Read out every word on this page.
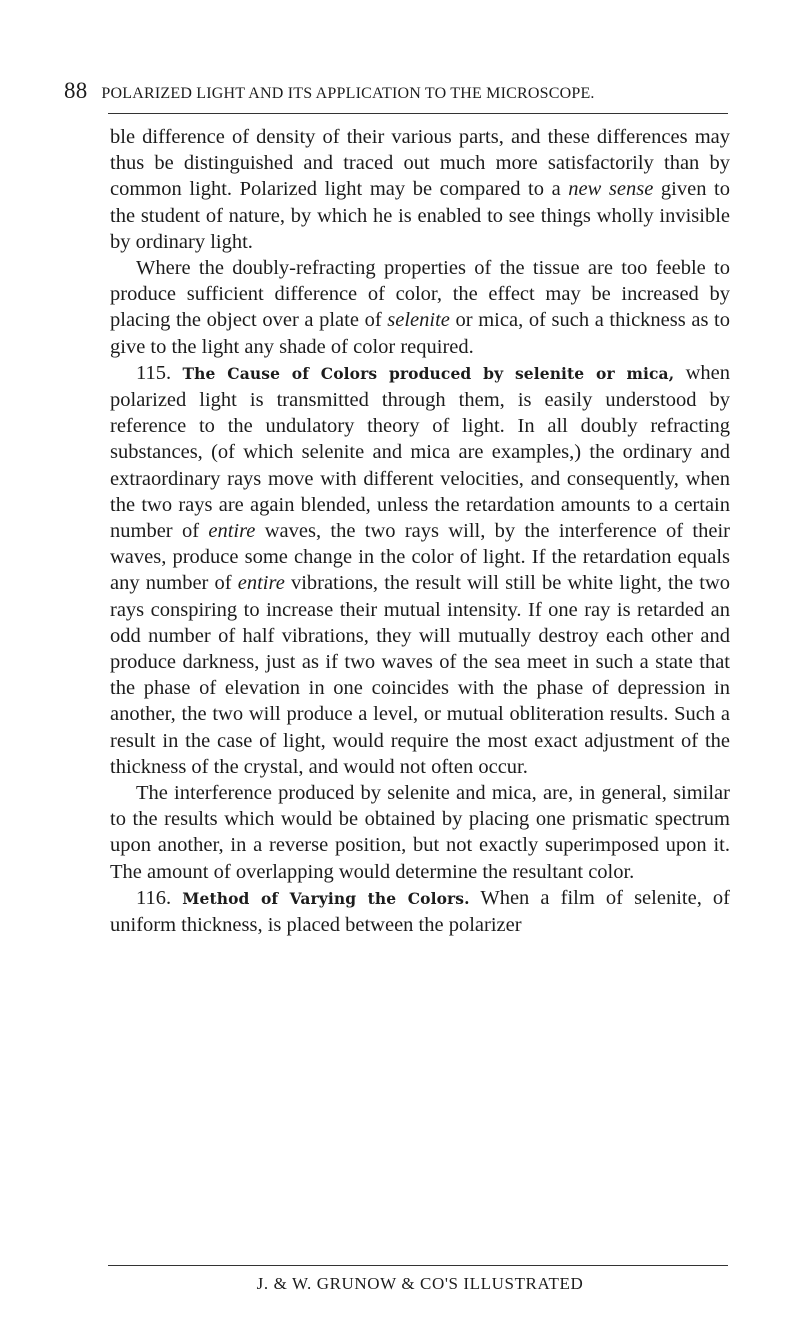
88 POLARIZED LIGHT AND ITS APPLICATION TO THE MICROSCOPE.

ble difference of density of their various parts, and these differences may thus be distinguished and traced out much more satisfactorily than by common light. Polarized light may be compared to a new sense given to the student of nature, by which he is enabled to see things wholly invisible by ordinary light.

Where the doubly-refracting properties of the tissue are too feeble to produce sufficient difference of color, the effect may be increased by placing the object over a plate of selenite or mica, of such a thickness as to give to the light any shade of color required.

115. The Cause of Colors produced by selenite or mica, when polarized light is transmitted through them, is easily understood by reference to the undulatory theory of light. In all doubly refracting substances, (of which selenite and mica are examples,) the ordinary and extraordinary rays move with different velocities, and consequently, when the two rays are again blended, unless the retardation amounts to a certain number of entire waves, the two rays will, by the interference of their waves, produce some change in the color of light. If the retardation equals any number of entire vibrations, the result will still be white light, the two rays conspiring to increase their mutual intensity. If one ray is retarded an odd number of half vibrations, they will mutually destroy each other and produce darkness, just as if two waves of the sea meet in such a state that the phase of elevation in one coincides with the phase of depression in another, the two will produce a level, or mutual obliteration results. Such a result in the case of light, would require the most exact adjustment of the thickness of the crystal, and would not often occur.

The interference produced by selenite and mica, are, in general, similar to the results which would be obtained by placing one prismatic spectrum upon another, in a reverse position, but not exactly superimposed upon it. The amount of overlapping would determine the resultant color.

116. Method of Varying the Colors. When a film of selenite, of uniform thickness, is placed between the polarizer

J. & W. GRUNOW & CO'S ILLUSTRATED
